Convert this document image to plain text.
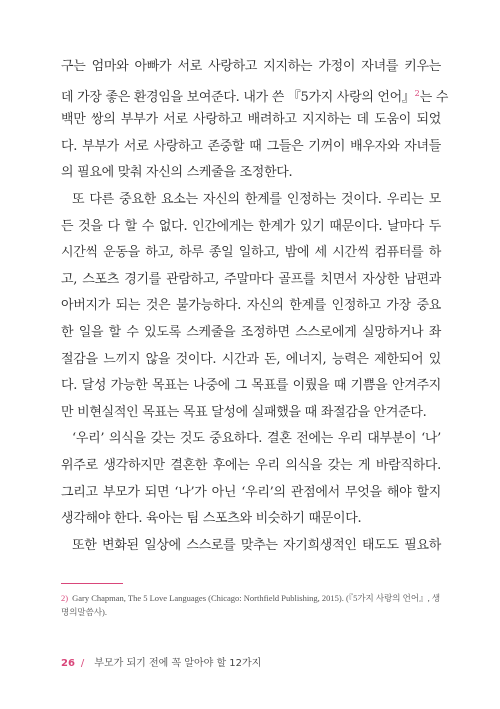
구는 엄마와 아빠가 서로 사랑하고 지지하는 가정이 자녀를 키우는
데 가장 좋은 환경임을 보여준다. 내가 쓴 『5가지 사랑의 언어』$^2$는 수
백만 쌍의 부부가 서로 사랑하고 배려하고 지지하는 데 도움이 되었
다. 부부가 서로 사랑하고 존중할 때 그들은 기꺼이 배우자와 자녀들
의 필요에 맞춰 자신의 스케줄을 조정한다.
또 다른 중요한 요소는 자신의 한계를 인정하는 것이다. 우리는 모
든 것을 다 할 수 없다. 인간에게는 한계가 있기 때문이다. 날마다 두
시간씩 운동을 하고, 하루 종일 일하고, 밤에 세 시간씩 컴퓨터를 하
고, 스포츠 경기를 관람하고, 주말마다 골프를 치면서 자상한 남편과
아버지가 되는 것은 불가능하다. 자신의 한계를 인정하고 가장 중요
한 일을 할 수 있도록 스케줄을 조정하면 스스로에게 실망하거나 좌
절감을 느끼지 않을 것이다. 시간과 돈, 에너지, 능력은 제한되어 있
다. 달성 가능한 목표는 나중에 그 목표를 이뤘을 때 기쁨을 안겨주지
만 비현실적인 목표는 목표 달성에 실패했을 때 좌절감을 안겨준다.
‘우리’ 의식을 갖는 것도 중요하다. 결혼 전에는 우리 대부분이 ‘나’
위주로 생각하지만 결혼한 후에는 우리 의식을 갖는 게 바람직하다.
그리고 부모가 되면 ‘나’가 아닌 ‘우리’의 관점에서 무엇을 해야 할지
생각해야 한다. 육아는 팀 스포츠와 비슷하기 때문이다.
또한 변화된 일상에 스스로를 맞추는 자기희생적인 태도도 필요하
2) Gary Chapman, The 5 Love Languages (Chicago: Northfield Publishing, 2015). (『5가지 사랑의 언어』, 생명의말씀사).
26 / 부모가 되기 전에 꼭 알아야 할 12가지
